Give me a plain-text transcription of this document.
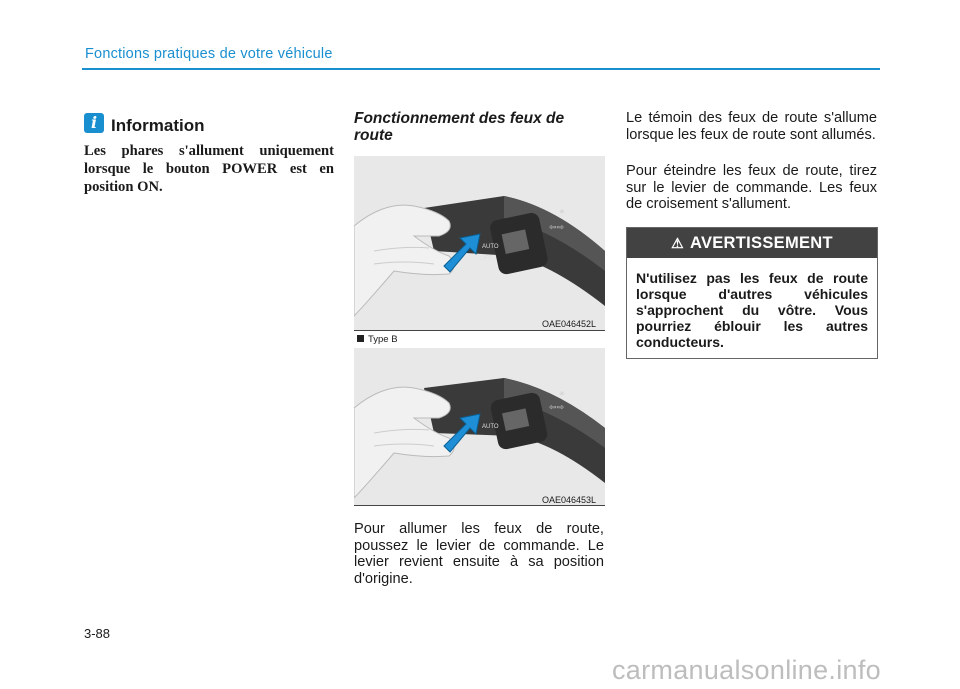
Fonctions pratiques de votre véhicule
i Information
Les phares s'allument uniquement lorsque le bouton POWER est en position ON.
Fonctionnement des feux de route
AUTO
OFF
⇦⇨
✳
OAE046452L
Type B
AUTO
⇦⇨
✳
OAE046453L
Pour allumer les feux de route, poussez le levier de commande. Le levier revient ensuite à sa position d'origine.
Le témoin des feux de route s'allume lorsque les feux de route sont allumés.
Pour éteindre les feux de route, tirez sur le levier de commande. Les feux de croisement s'allument.
⚠ AVERTISSEMENT
N'utilisez pas les feux de route lorsque d'autres véhicules s'approchent du vôtre. Vous pourriez éblouir les autres conducteurs.
3-88
carmanualsonline.info
